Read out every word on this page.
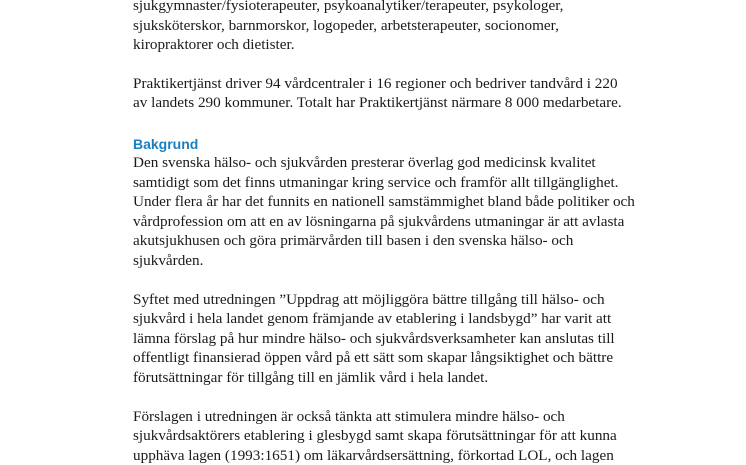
sjukgymnaster/fysioterapeuter, psykoanalytiker/terapeuter, psykologer,
sjuksköterskor, barnmorskor, logopeder, arbetsterapeuter, socionomer,
kiropraktorer och dietister.

Praktikertjänst driver 94 vårdcentraler i 16 regioner och bedriver tandvård i 220
av landets 290 kommuner. Totalt har Praktikertjänst närmare 8 000 medarbetare.

Bakgrund

Den svenska hälso- och sjukvården presterar överlag god medicinsk kvalitet
samtidigt som det finns utmaningar kring service och framför allt tillgänglighet.
Under flera år har det funnits en nationell samstämmighet bland både politiker och
vårdprofession om att en av lösningarna på sjukvårdens utmaningar är att avlasta
akutsjukhusen och göra primärvården till basen i den svenska hälso- och
sjukvården.

Syftet med utredningen ”Uppdrag att möjliggöra bättre tillgång till hälso- och
sjukvård i hela landet genom främjande av etablering i landsbygd” har varit att
lämna förslag på hur mindre hälso- och sjukvårdsverksamheter kan anslutas till
offentligt finansierad öppen vård på ett sätt som skapar långsiktighet och bättre
förutsättningar för tillgång till en jämlik vård i hela landet.

Förslagen i utredningen är också tänkta att stimulera mindre hälso- och
sjukvårdsaktörers etablering i glesbygd samt skapa förutsättningar för att kunna
upphäva lagen (1993:1651) om läkarvårdsersättning, förkortad LOL, och lagen
